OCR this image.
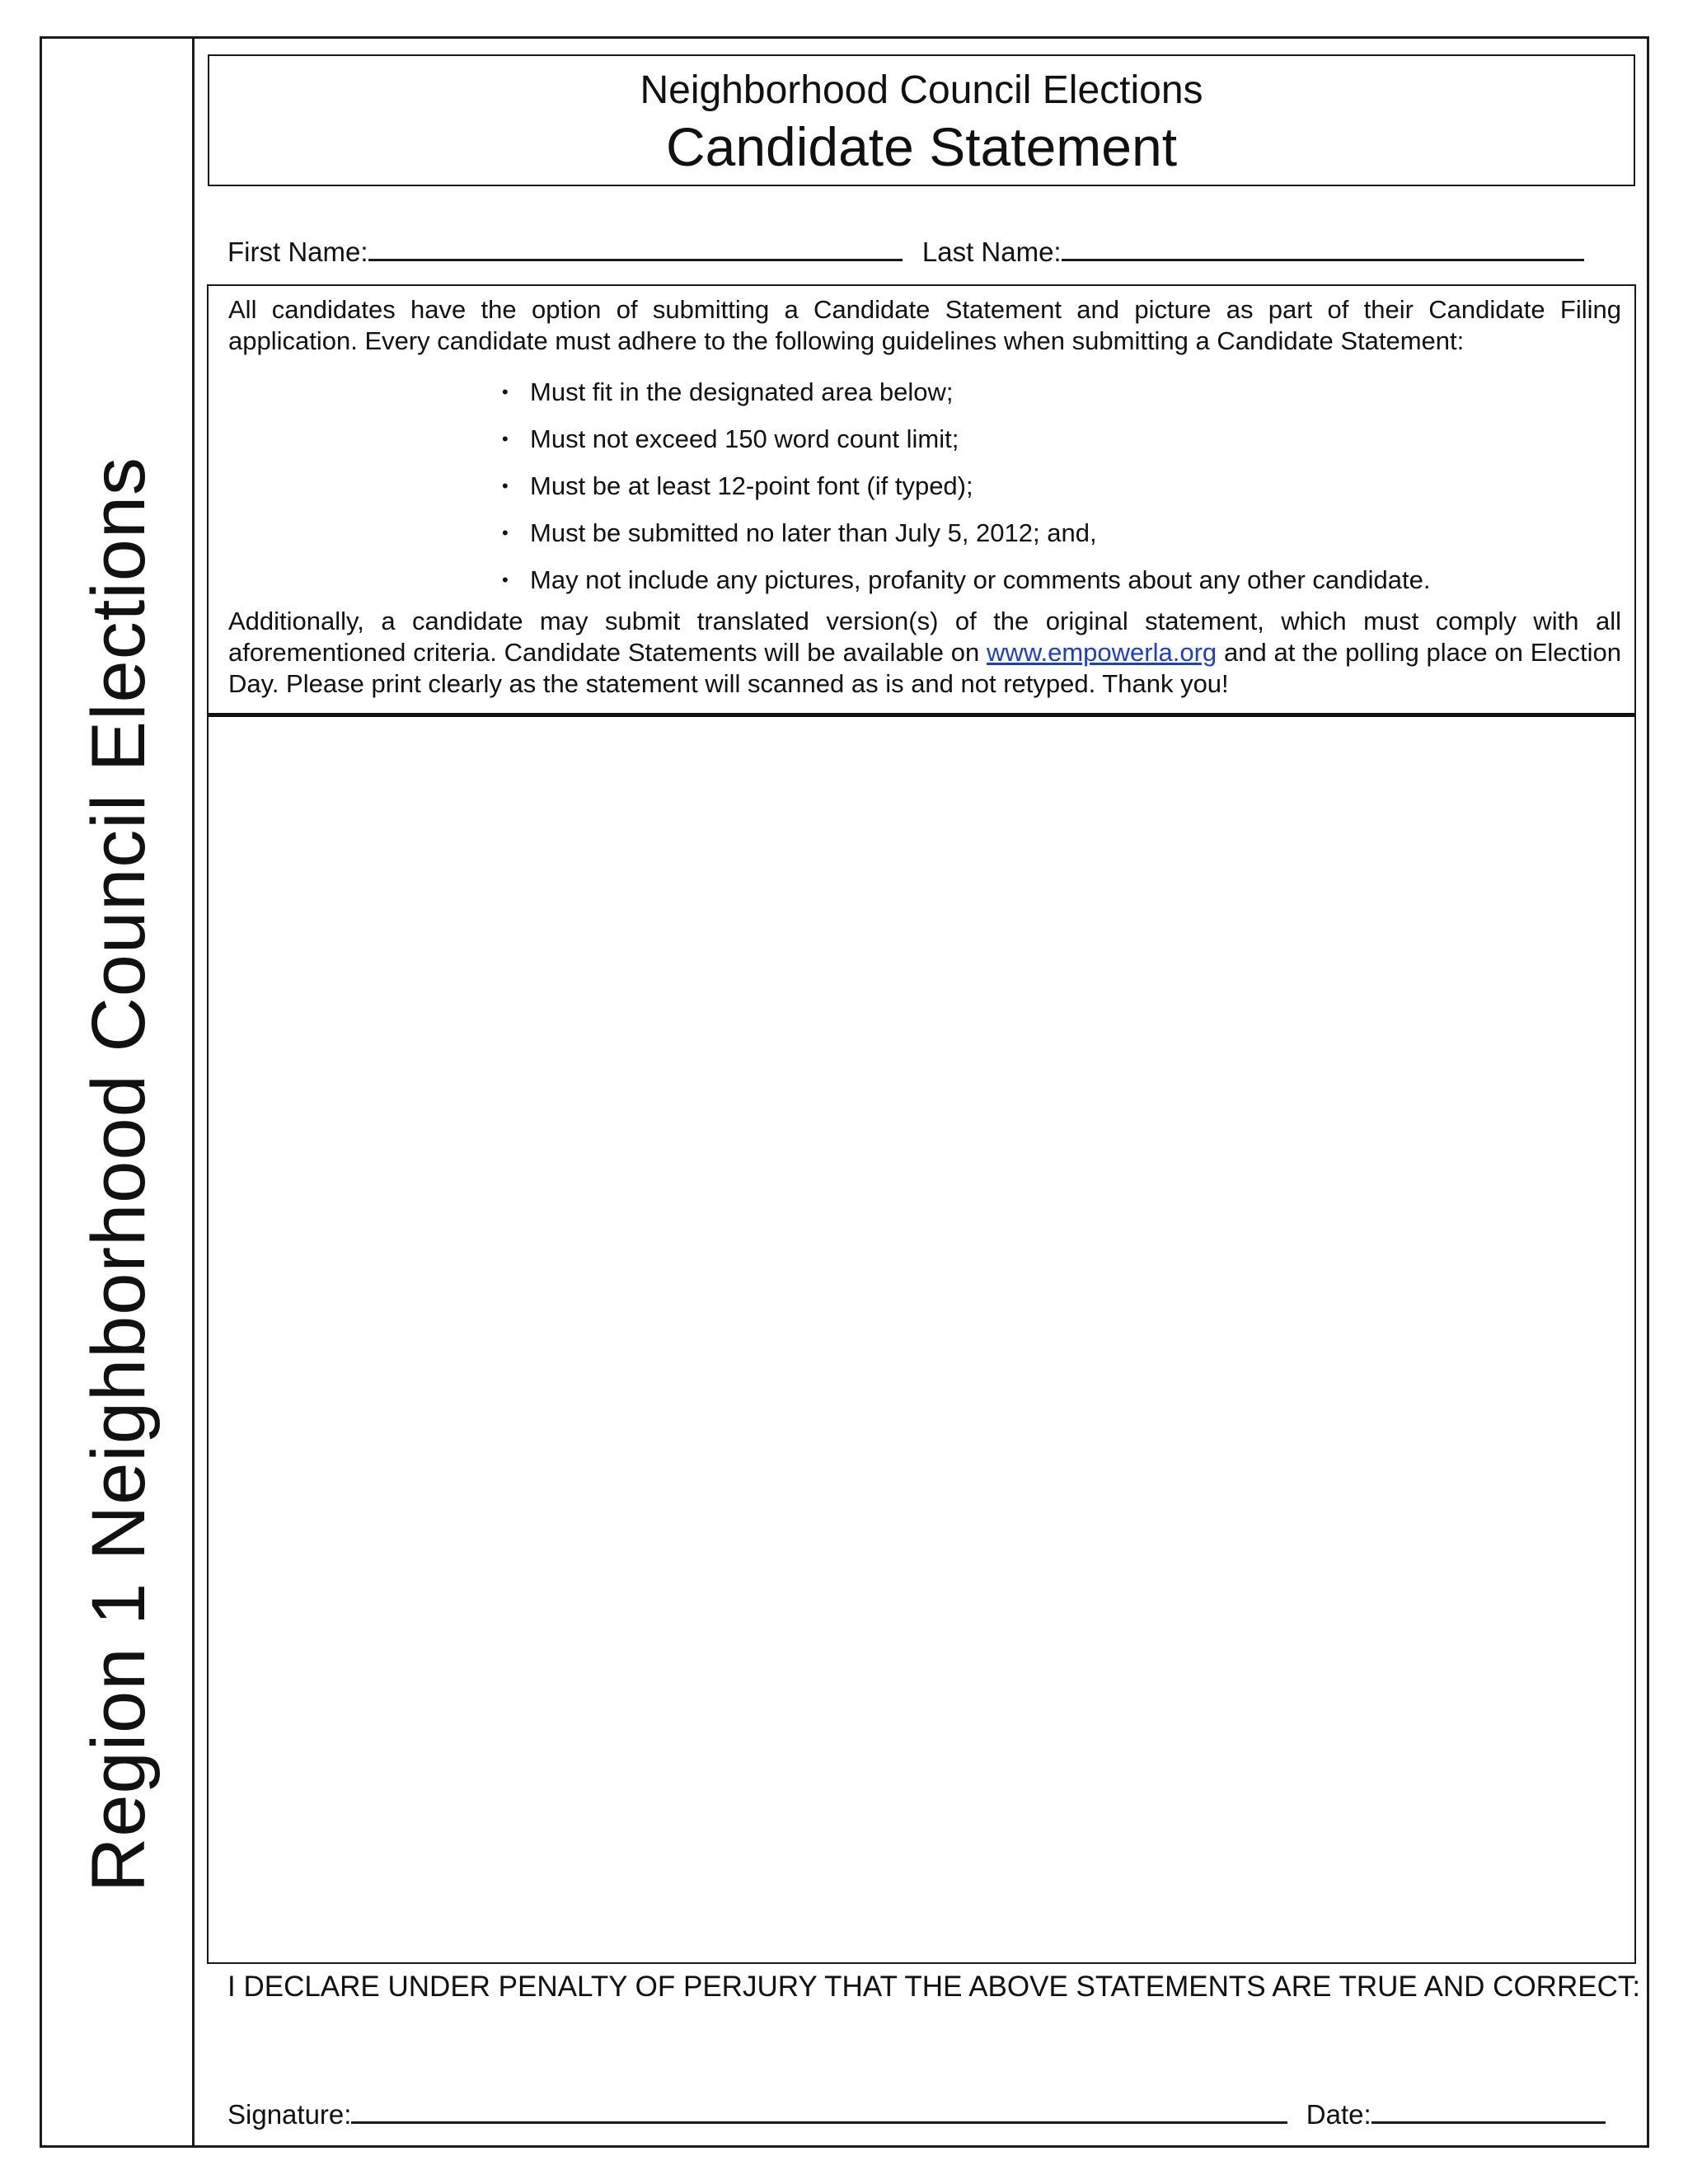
Region 1 Neighborhood Council Elections
Neighborhood Council Elections
Candidate Statement
First Name:	Last Name:
All candidates have the option of submitting a Candidate Statement and picture as part of their Candidate Filing application. Every candidate must adhere to the following guidelines when submitting a Candidate Statement:
• Must fit in the designated area below;
• Must not exceed 150 word count limit;
• Must be at least 12-point font (if typed);
• Must be submitted no later than July 5, 2012; and,
• May not include any pictures, profanity or comments about any other candidate.
Additionally, a candidate may submit translated version(s) of the original statement, which must comply with all aforementioned criteria. Candidate Statements will be available on www.empowerla.org and at the polling place on Election Day. Please print clearly as the statement will scanned as is and not retyped. Thank you!
I DECLARE UNDER PENALTY OF PERJURY THAT THE ABOVE STATEMENTS ARE TRUE AND CORRECT:
Signature:	Date:
